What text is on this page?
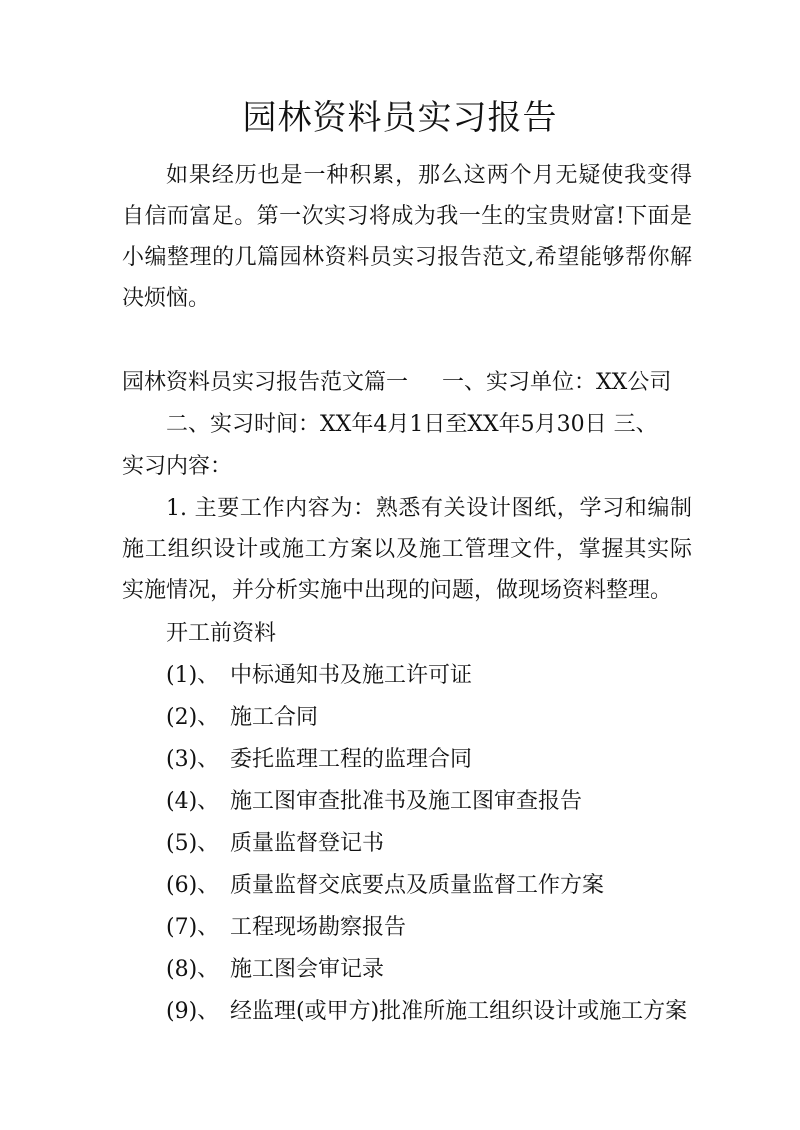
园林资料员实习报告
如果经历也是一种积累，那么这两个月无疑使我变得自信而富足。第一次实习将成为我一生的宝贵财富!下面是小编整理的几篇园林资料员实习报告范文,希望能够帮你解决烦恼。
园林资料员实习报告范文篇一 一、实习单位：XX公司
二、实习时间：XX年4月1日至XX年5月30日 三、
实习内容：
1. 主要工作内容为：熟悉有关设计图纸，学习和编制施工组织设计或施工方案以及施工管理文件，掌握其实际实施情况，并分析实施中出现的问题，做现场资料整理。
开工前资料
(1)、 中标通知书及施工许可证
(2)、 施工合同
(3)、 委托监理工程的监理合同
(4)、 施工图审查批准书及施工图审查报告
(5)、 质量监督登记书
(6)、 质量监督交底要点及质量监督工作方案
(7)、 工程现场勘察报告
(8)、 施工图会审记录
(9)、 经监理(或甲方)批准所施工组织设计或施工方案
